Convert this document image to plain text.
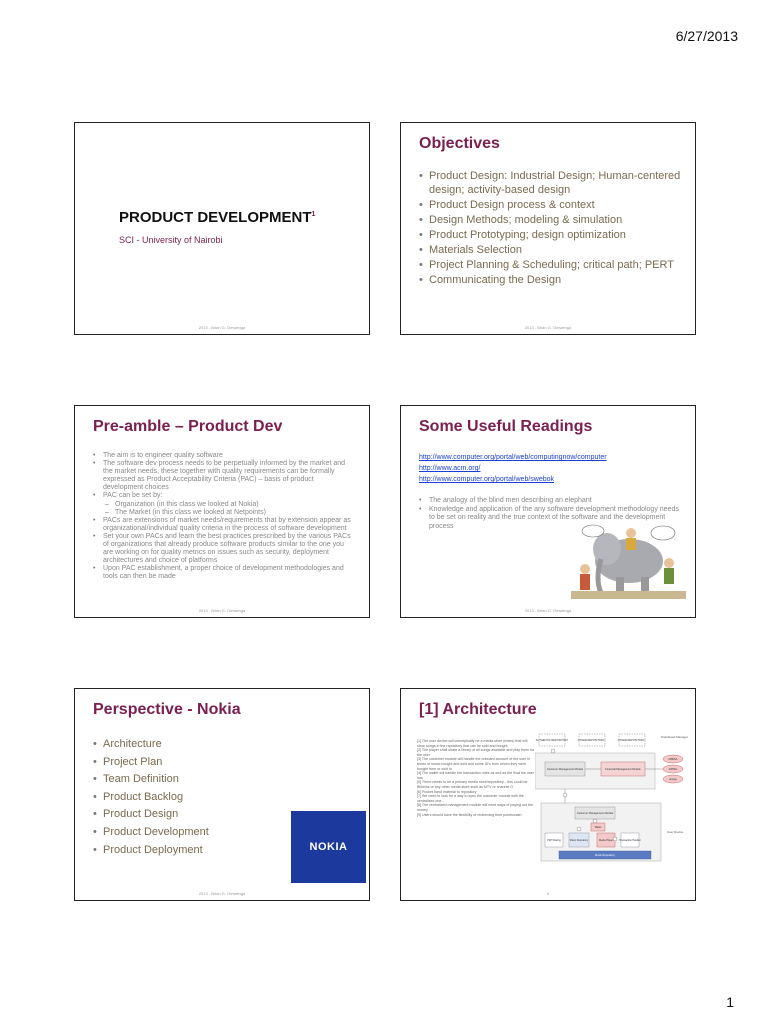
6/27/2013
PRODUCT DEVELOPMENT$^1$
SCI - University of Nairobi
2013 - Brian G. Omwenga
Objectives
• Product Design: Industrial Design; Human-centered design; activity-based design
• Product Design process & context
• Design Methods; modeling & simulation
• Product Prototyping; design optimization
• Materials Selection
• Project Planning & Scheduling; critical path; PERT
• Communicating the Design
2013 - Brian G. Omwenga
Pre-amble – Product Dev
• The aim is to engineer quality software
• The software dev process needs to be perpetually informed by the market and the market needs, these together with quality requirements can be formally expressed as Product Acceptability Criteria (PAC) – basis of product development choices
• PAC can be set by:
– Organization (in this class we looked at Nokia)
– The Market (in this class we looked at Netpoints)
• PACs are extensions of market needs/requirements that by extension appear as organizational/individual quality criteria in the process of software development
• Set your own PACs and learn the best practices prescribed by the various PACs of organizations that already produce software products similar to the one you are working on for quality metrics on issues such as security, deployment architectures and choice of platforms
• Upon PAC establishment, a proper choice of development methodologies and tools can then be made
2013 - Brian G. Omwenga
Some Useful Readings
http://www.computer.org/portal/web/computingnow/computer
http://www.acm.org/
http://www.computer.org/portal/web/swebok
• The analogy of the blind men describing an elephant
• Knowledge and application of the any software development methodology needs to be set on reality and the true context of the software and the development process
2013 - Brian G. Omwenga
Perspective - Nokia
• Architecture
• Project Plan
• Team Definition
• Product Backlog
• Product Design
• Product Development
• Product Deployment	NOKIA
2013 - Brian G. Omwenga
[1] Architecture
[1] The user device will conceptually be a media store (mstrs) that will store songs in the repository that can be sold and bought
[2] The player shall share a library of all songs available and play them for the user
[3] The customer module will handle the onboard account of the user in terms of music bought and sold and some ID's from whom they were bought from or sold to
[4] The wallet will handle the transaction rules as well as the float the user has
[5] There needs to be a primary media store/repository... this could be Bitkeins or any other media store such as MTV or channel O
[6] Pocket band material to repository
[7] We need to look for a way to sync the customer module with the centralized one...
[8] The centralized management module will need ways of paying out the money
[9] Users should have the flexibility of redeeming their points/cash
AUTHENTIC REPOSITORY	OTHER REPOSITORY...	OTHER REPOSITORY...
Distributed Manager
Customer Management Module	Financial Management Module
MPESA
AIRTEL
orange
Customer Management Module
Wallet
Music Repository	Media Player	Transaction Handler
P2P Sharing
Music Repository
User Device
6
1
